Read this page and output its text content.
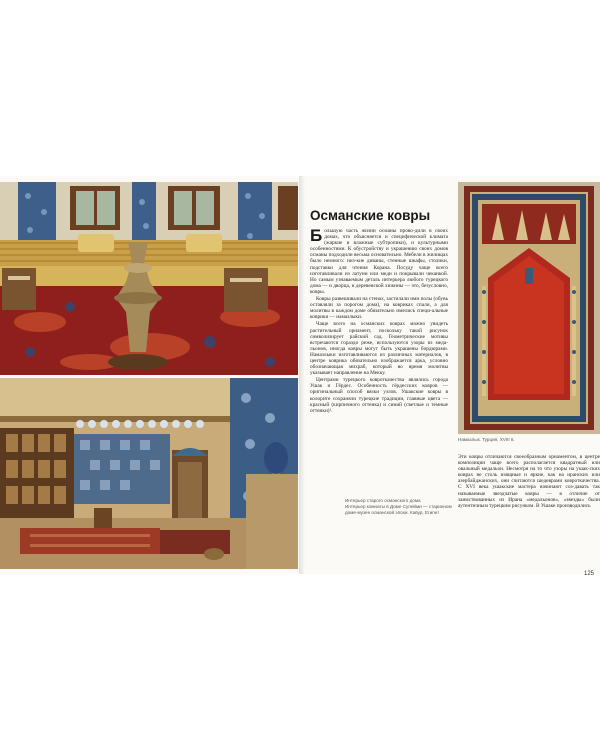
Интерьер старого османского дома
Интерьер комнаты в Доме Сулейми — старинном доме-музее османской эпохи. Кавур, Египет
Османские ковры

Большую часть жизни османы прово-дили в своих домах, что объясняется и специфической климата (жаркие и влажные субтропики), и культурными особенностями. К обустройству и украшению своих домов османы подходили весьма основательно. Мебели в жилищах было немного: низ-кие диваны, стенные шкафы, столики, подставки для чтения Корана. Посуду чаще всего изготавливали из латуни или меди и покрывали чеканкой. Но самым узнаваемым деталь интерьера любого турецкого дома — и дворца, и деревенской хижины — это, безусловно, ковры.

Ковры развешивали на стенах, застилали ими полы (обувь оставляли за порогом дома), на ковриках спали, а для молитвы в каждом доме обязательно имелись специ-альные коврики — намазлыки.

Чаще всего на османских коврах можно увидеть растительный орнамент, поскольку такой рисунок символизирует райский сад. Геометрические мотивы встречаются гораздо реже, используются узоры из меда-льонов, иногда ковры могут быть украшены бордюрами. Намазлыки изготавливаются из различных материалов, в центре коврика обязательно изображается арка, условно обозначающая михраб, который во время молитвы указывает направление на Мекку.

Центрами турецкого ковроткачества являлись города Ушак и Гёрдес. Особенность гёрдесских ковров — оригинальный способ вязки узлов. Ушакские ковры в колорите сохраняли турецкие традиции, главные цвета — красный (кирпичного оттенка) и синий (светлые и темные оттенки)¹.

Намазлык. Турция, XVIII в.

Эти ковры отличаются своеобразным орнаментом, в центре композиции чаще всего располагается квадратный или овальный медальон. Несмотря на то что узоры на ушак-ских коврах не столь изящные и яркие, как на иранских или азербайджанских, они считаются шедеврами ковроткачества. С XVI века ушакские мастера начинают соз-давать так называемые звездчатые ковры — в отличие от заимствованных из Ирана «медальонов», «звезды» были аутентичным турецким рисунком. В Ушаке производились

125
